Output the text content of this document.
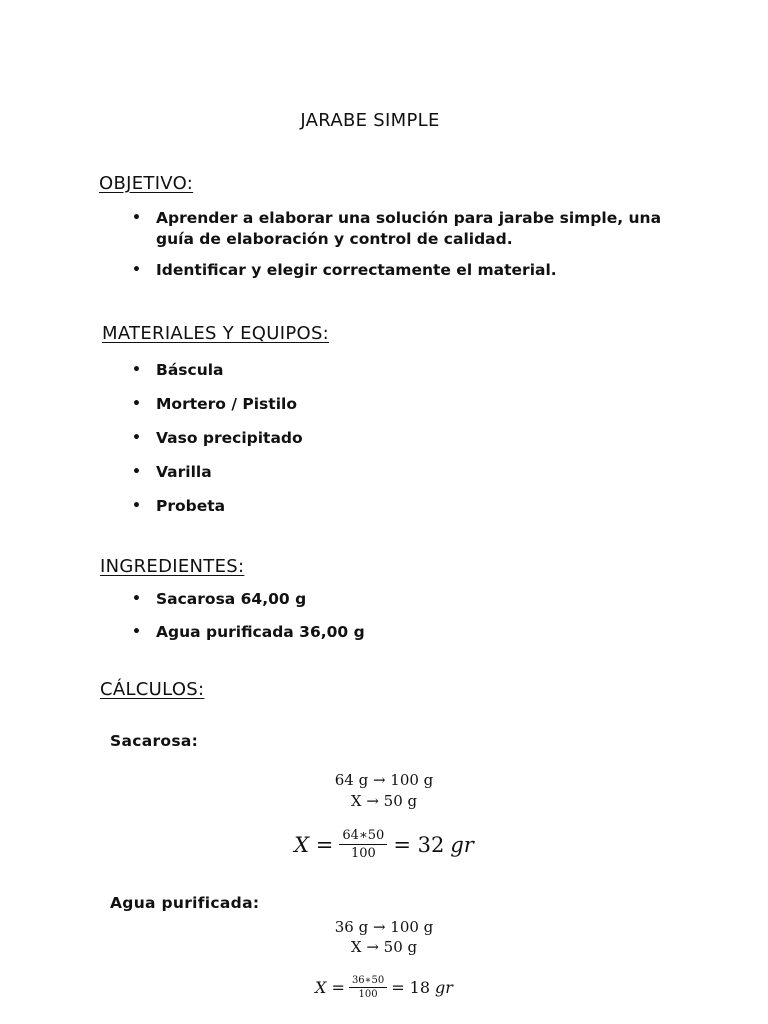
JARABE SIMPLE
OBJETIVO:
• Aprender a elaborar una solución para jarabe simple, una guía de elaboración y control de calidad.
• Identificar y elegir correctamente el material.
MATERIALES Y EQUIPOS:
• Báscula
• Mortero / Pistilo
• Vaso precipitado
• Varilla
• Probeta
INGREDIENTES:
• Sacarosa 64,00 g
• Agua purificada 36,00 g
CÁLCULOS:
Sacarosa:
64 g → 100 g
X → 50 g
$X = \frac{64∗50}{100} = 32$ gr
Agua purificada:
36 g → 100 g
X → 50 g
$X = \frac{36∗50}{100} = 18$ gr
